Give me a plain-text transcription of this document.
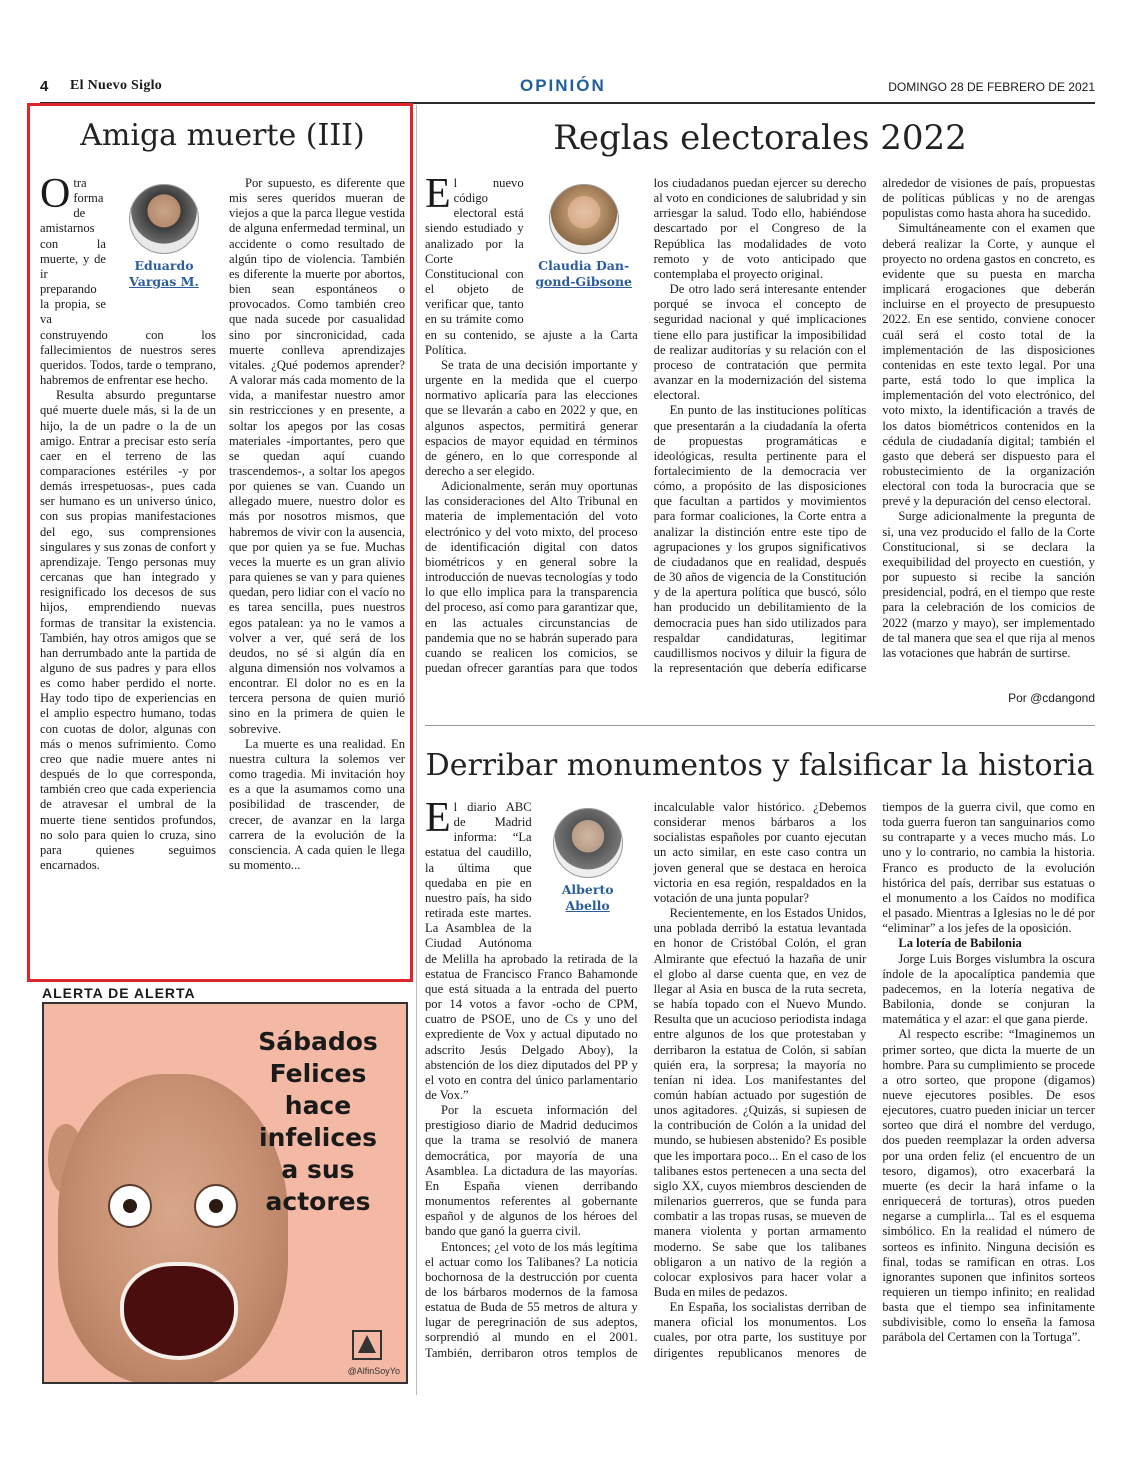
4 El Nuevo Siglo	OPINIÓN	DOMINGO 28 DE FEBRERO DE 2021
Amiga muerte (III)
Eduardo
Vargas M.

Otra forma de amistarnos con la muerte, y de ir preparando la propia, se va construyendo con los fallecimientos de nuestros seres queridos. Todos, tarde o temprano, habremos de enfrentar ese hecho.

Resulta absurdo preguntarse qué muerte duele más, si la de un hijo, la de un padre o la de un amigo. Entrar a precisar esto sería caer en el terreno de las comparaciones estériles -y por demás irrespetuosas-, pues cada ser humano es un universo único, con sus propias manifestaciones del ego, sus comprensiones singulares y sus zonas de confort y aprendizaje. Tengo personas muy cercanas que han integrado y resignificado los decesos de sus hijos, emprendiendo nuevas formas de transitar la existencia. También, hay otros amigos que se han derrumbado ante la partida de alguno de sus padres y para ellos es como haber perdido el norte. Hay todo tipo de experiencias en el amplio espectro humano, todas con cuotas de dolor, algunas con más o menos sufrimiento. Como creo que nadie muere antes ni después de lo que corresponda, también creo que cada experiencia de atravesar el umbral de la muerte tiene sentidos profundos, no solo para quien lo cruza, sino para quienes seguimos encarnados.

Por supuesto, es diferente que mis seres queridos mueran de viejos a que la parca llegue vestida de alguna enfermedad terminal, un accidente o como resultado de algún tipo de violencia. También es diferente la muerte por abortos, bien sean espontáneos o provocados. Como también creo que nada sucede por casualidad sino por sincronicidad, cada muerte conlleva aprendizajes vitales. ¿Qué podemos aprender? A valorar más cada momento de la vida, a manifestar nuestro amor sin restricciones y en presente, a soltar los apegos por las cosas materiales -importantes, pero que se quedan aquí cuando trascendemos-, a soltar los apegos por quienes se van. Cuando un allegado muere, nuestro dolor es más por nosotros mismos, que habremos de vivir con la ausencia, que por quien ya se fue. Muchas veces la muerte es un gran alivio para quienes se van y para quienes quedan, pero lidiar con el vacío no es tarea sencilla, pues nuestros egos patalean: ya no le vamos a volver a ver, qué será de los deudos, no sé si algún día en alguna dimensión nos volvamos a encontrar. El dolor no es en la tercera persona de quien murió sino en la primera de quien le sobrevive.

La muerte es una realidad. En nuestra cultura la solemos ver como tragedia. Mi invitación hoy es a que la asumamos como una posibilidad de trascender, de crecer, de avanzar en la larga carrera de la evolución de la consciencia. A cada quien le llega su momento...

ALERTA DE ALERTA
Sábados Felices hace infelices a sus actores
@AlfinSoyYo
Reglas electorales 2022
Claudia Dan-
gond-Gibsone

El nuevo código electoral está siendo estudiado y analizado por la Corte Constitucional con el objeto de verificar que, tanto en su trámite como en su contenido, se ajuste a la Carta Política.

Se trata de una decisión importante y urgente en la medida que el cuerpo normativo aplicaría para las elecciones que se llevarán a cabo en 2022 y que, en algunos aspectos, permitirá generar espacios de mayor equidad en términos de género, en lo que corresponde al derecho a ser elegido.

Adicionalmente, serán muy oportunas las consideraciones del Alto Tribunal en materia de implementación del voto electrónico y del voto mixto, del proceso de identificación digital con datos biométricos y en general sobre la introducción de nuevas tecnologías y todo lo que ello implica para la transparencia del proceso, así como para garantizar que, en las actuales circunstancias de pandemia que no se habrán superado para cuando se realicen los comicios, se puedan ofrecer garantías para que todos los ciudadanos puedan ejercer su derecho al voto en condiciones de salubridad y sin arriesgar la salud. Todo ello, habiéndose descartado por el Congreso de la República las modalidades de voto remoto y de voto anticipado que contemplaba el proyecto original.

De otro lado será interesante entender porqué se invoca el concepto de seguridad nacional y qué implicaciones tiene ello para justificar la imposibilidad de realizar auditorías y su relación con el proceso de contratación que permita avanzar en la modernización del sistema electoral.

En punto de las instituciones políticas que presentarán a la ciudadanía la oferta de propuestas programáticas e ideológicas, resulta pertinente para el fortalecimiento de la democracia ver cómo, a propósito de las disposiciones que facultan a partidos y movimientos para formar coaliciones, la Corte entra a analizar la distinción entre este tipo de agrupaciones y los grupos significativos de ciudadanos que en realidad, después de 30 años de vigencia de la Constitución y de la apertura política que buscó, sólo han producido un debilitamiento de la democracia pues han sido utilizados para respaldar candidaturas, legitimar caudillismos nocivos y diluir la figura de la representación que debería edificarse alrededor de visiones de país, propuestas de políticas públicas y no de arengas populistas como hasta ahora ha sucedido.

Simultáneamente con el examen que deberá realizar la Corte, y aunque el proyecto no ordena gastos en concreto, es evidente que su puesta en marcha implicará erogaciones que deberán incluirse en el proyecto de presupuesto 2022. En ese sentido, conviene conocer cuál será el costo total de la implementación de las disposiciones contenidas en este texto legal. Por una parte, está todo lo que implica la implementación del voto electrónico, del voto mixto, la identificación a través de los datos biométricos contenidos en la cédula de ciudadanía digital; también el gasto que deberá ser dispuesto para el robustecimiento de la organización electoral con toda la burocracia que se prevé y la depuración del censo electoral.

Surge adicionalmente la pregunta de si, una vez producido el fallo de la Corte Constitucional, si se declara la exequibilidad del proyecto en cuestión, y por supuesto si recibe la sanción presidencial, podrá, en el tiempo que reste para la celebración de los comicios de 2022 (marzo y mayo), ser implementado de tal manera que sea el que rija al menos las votaciones que habrán de surtirse.

Por @cdangond
Derribar monumentos y falsificar la historia
Alberto
Abello

El diario ABC de Madrid informa: “La estatua del caudillo, la última que quedaba en pie en nuestro país, ha sido retirada este martes. La Asamblea de la Ciudad Autónoma de Melilla ha aprobado la retirada de la estatua de Francisco Franco Bahamonde que está situada a la entrada del puerto por 14 votos a favor -ocho de CPM, cuatro de PSOE, uno de Cs y uno del exprediente de Vox y actual diputado no adscrito Jesús Delgado Aboy), la abstención de los diez diputados del PP y el voto en contra del único parlamentario de Vox.”

Por la escueta información del prestigioso diario de Madrid deducimos que la trama se resolvió de manera democrática, por mayoría de una Asamblea. La dictadura de las mayorías. En España vienen derribando monumentos referentes al gobernante español y de algunos de los héroes del bando que ganó la guerra civil.

Entonces; ¿el voto de los más legítima el actuar como los Talibanes? La noticia bochornosa de la destrucción por cuenta de los bárbaros modernos de la famosa estatua de Buda de 55 metros de altura y lugar de peregrinación de sus adeptos, sorprendió al mundo en el 2001. También, derribaron otros templos de incalculable valor histórico. ¿Debemos considerar menos bárbaros a los socialistas españoles por cuanto ejecutan un acto similar, en este caso contra un joven general que se destaca en heroica victoria en esa región, respaldados en la votación de una junta popular?

Recientemente, en los Estados Unidos, una poblada derribó la estatua levantada en honor de Cristóbal Colón, el gran Almirante que efectuó la hazaña de unir el globo al darse cuenta que, en vez de llegar al Asia en busca de la ruta secreta, se había topado con el Nuevo Mundo. Resulta que un acucioso periodista indaga entre algunos de los que protestaban y derribaron la estatua de Colón, si sabían quién era, la sorpresa; la mayoría no tenían ni idea. Los manifestantes del común habían actuado por sugestión de unos agitadores. ¿Quizás, si supiesen de la contribución de Colón a la unidad del mundo, se hubiesen abstenido? Es posible que les importara poco... En el caso de los talibanes estos pertenecen a una secta del siglo XX, cuyos miembros descienden de milenarios guerreros, que se funda para combatir a las tropas rusas, se mueven de manera violenta y portan armamento moderno. Se sabe que los talibanes obligaron a un nativo de la región a colocar explosivos para hacer volar a Buda en miles de pedazos.

En España, los socialistas derriban de manera oficial los monumentos. Los cuales, por otra parte, los sustituye por dirigentes republicanos menores de tiempos de la guerra civil, que como en toda guerra fueron tan sanguinarios como su contraparte y a veces mucho más. Lo uno y lo contrario, no cambia la historia. Franco es producto de la evolución histórica del país, derribar sus estatuas o el monumento a los Caídos no modifica el pasado. Mientras a Iglesias no le dé por “eliminar” a los jefes de la oposición.

La lotería de Babilonia

Jorge Luis Borges vislumbra la oscura índole de la apocalíptica pandemia que padecemos, en la lotería negativa de Babilonia, donde se conjuran la matemática y el azar: el que gana pierde.

Al respecto escribe: “Imaginemos un primer sorteo, que dicta la muerte de un hombre. Para su cumplimiento se procede a otro sorteo, que propone (digamos) nueve ejecutores posibles. De esos ejecutores, cuatro pueden iniciar un tercer sorteo que dirá el nombre del verdugo, dos pueden reemplazar la orden adversa por una orden feliz (el encuentro de un tesoro, digamos), otro exacerbará la muerte (es decir la hará infame o la enriquecerá de torturas), otros pueden negarse a cumplirla... Tal es el esquema simbólico. En la realidad el número de sorteos es infinito. Ninguna decisión es final, todas se ramifican en otras. Los ignorantes suponen que infinitos sorteos requieren un tiempo infinito; en realidad basta que el tiempo sea infinitamente subdivisible, como lo enseña la famosa parábola del Certamen con la Tortuga”.
